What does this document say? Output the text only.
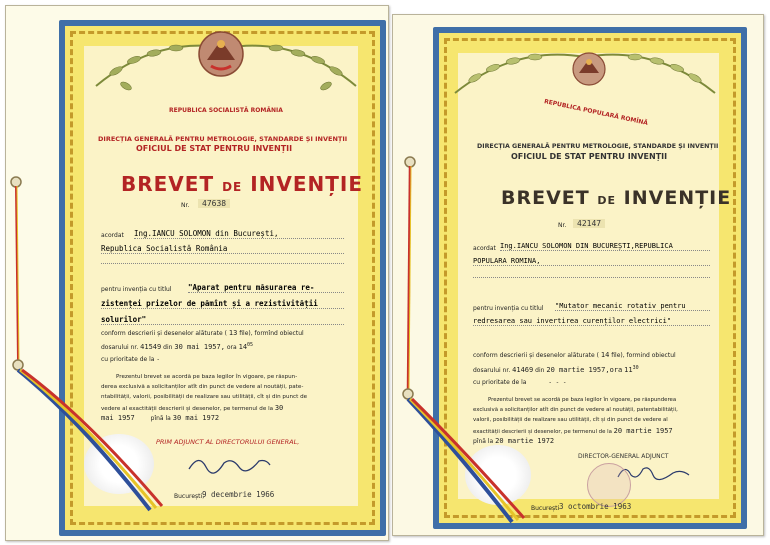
REPUBLICA SOCIALISTĂ ROMÂNIA
DIRECȚIA GENERALĂ PENTRU METROLOGIE, STANDARDE ȘI INVENȚII
OFICIUL DE STAT PENTRU INVENȚII
BREVET DE INVENȚIE
Nr.	47638
acordat Ing.IANCU SOLOMON din București,
Republica Socialistă România
pentru invenția cu titlul "Aparat pentru măsurarea re-
zistenței prizelor de pămînt și a rezistivității
solurilor"
conform descrierii și desenelor alăturate ( 13 file), formînd obiectul
dosarului nr. 41549 din 30 mai 1957, ora $14^{05}$
cu prioritate de la -
Prezentul brevet se acordă pe baza legilor în vigoare, pe răspun-
derea exclusivă a solicitanților atît din punct de vedere al noutății, pate-
ntabilității, valorii, posibilității de realizare sau utilității, cît și din punct de
vedere al exactității descrierii și desenelor, pe termenul de la 30
mai 1957	pînă la 30 mai 1972
PRIM ADJUNCT AL DIRECTORULUI GENERAL,
București,
9 decembrie 1966
REPUBLICA POPULARĂ ROMÎNĂ
DIRECȚIA GENERALĂ PENTRU METROLOGIE, STANDARDE ȘI INVENȚII
OFICIUL DE STAT PENTRU INVENȚII
BREVET DE INVENȚIE
Nr.	42147
acordat Ing.IANCU SOLOMON DIN BUCUREȘTI,REPUBLICA
POPULARA ROMINA,
pentru invenția cu titlul "Mutator mecanic rotativ pentru
redresarea sau invertirea curenților electrici"
conform descrierii și desenelor alăturate ( 14 file), formind obiectul
dosarului nr. 41469 din 20 martie 1957,ora $11^{30}$
cu prioritate de la	- - -
Prezentul brevet se acordă pe baza legilor în vigoare, pe răspunderea
exclusivă a solicitanților atît din punct de vedere al noutății, patentabilității,
valorii, posibilității de realizare sau utilității, cît și din punct de vedere al
exactității descrierii și desenelor, pe termenul de la 20 martie 1957
pînă la 20 martie 1972
DIRECTOR-GENERAL ADJUNCT
București 3 octombrie 1963
